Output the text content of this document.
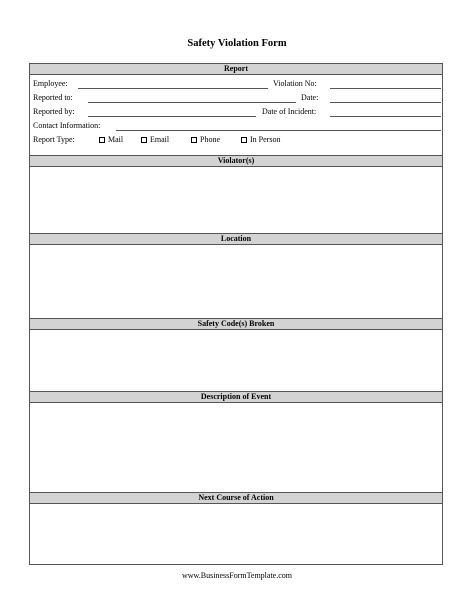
Safety Violation Form
Report
Employee:	Violation No:
Reported to:	Date:
Reported by:	Date of Incident:
Contact Information:
Report Type:	Mail	Email	Phone	In Person
Violator(s)
Location
Safety Code(s) Broken
Description of Event
Next Course of Action
www.BusinessFormTemplate.com
